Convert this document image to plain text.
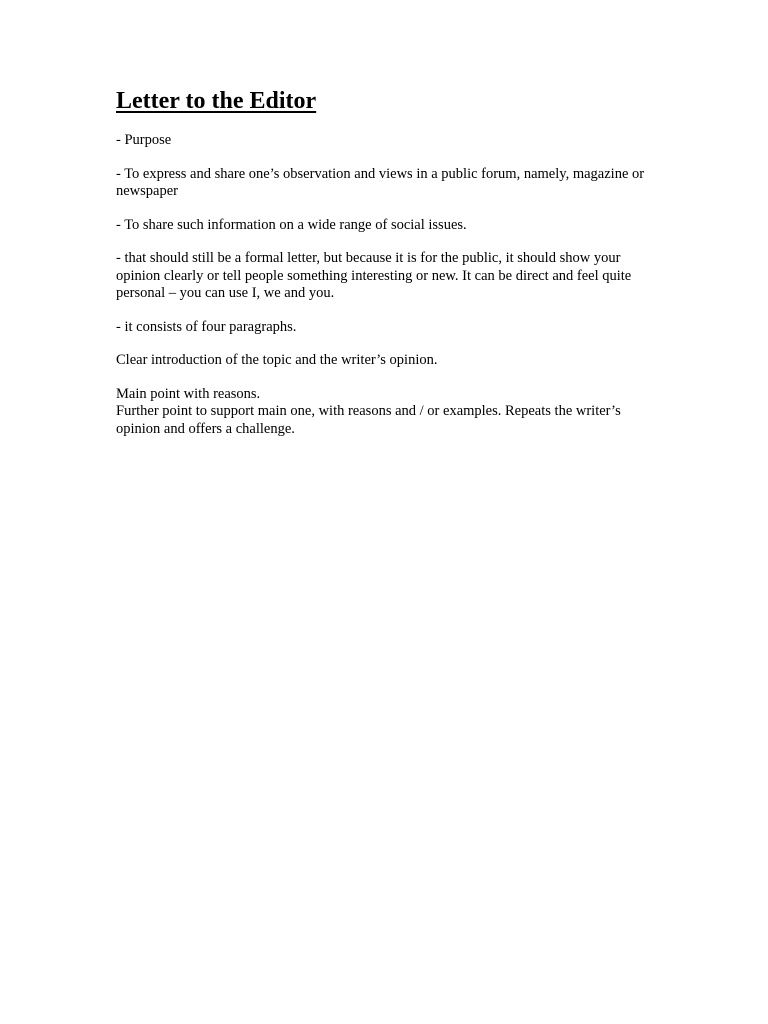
Letter to the Editor

- Purpose

- To express and share one’s observation and views in a public forum, namely, magazine or newspaper

- To share such information on a wide range of social issues.

- that should still be a formal letter, but because it is for the public, it should show your opinion clearly or tell people something interesting or new. It can be direct and feel quite personal – you can use I, we and you.

- it consists of four paragraphs.

Clear introduction of the topic and the writer’s opinion.

Main point with reasons.

Further point to support main one, with reasons and / or examples. Repeats the writer’s opinion and offers a challenge.
